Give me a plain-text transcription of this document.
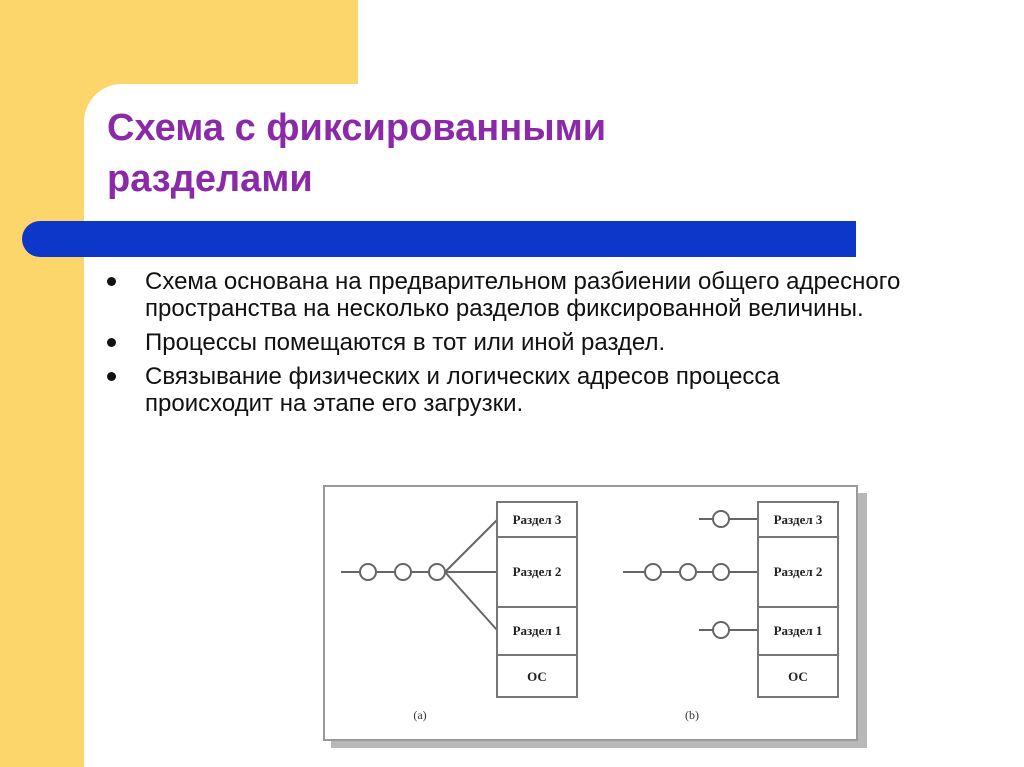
Схема с фиксированными
разделами
Схема основана на предварительном разбиении общего адресного пространства на несколько разделов фиксированной величины.
Процессы помещаются в тот или иной раздел.
Связывание физических и логических адресов процесса происходит на этапе его загрузки.
Раздел 3
Раздел 2
Раздел 1
ОС
(a)
Раздел 3
Раздел 2
Раздел 1
ОС
(b)
